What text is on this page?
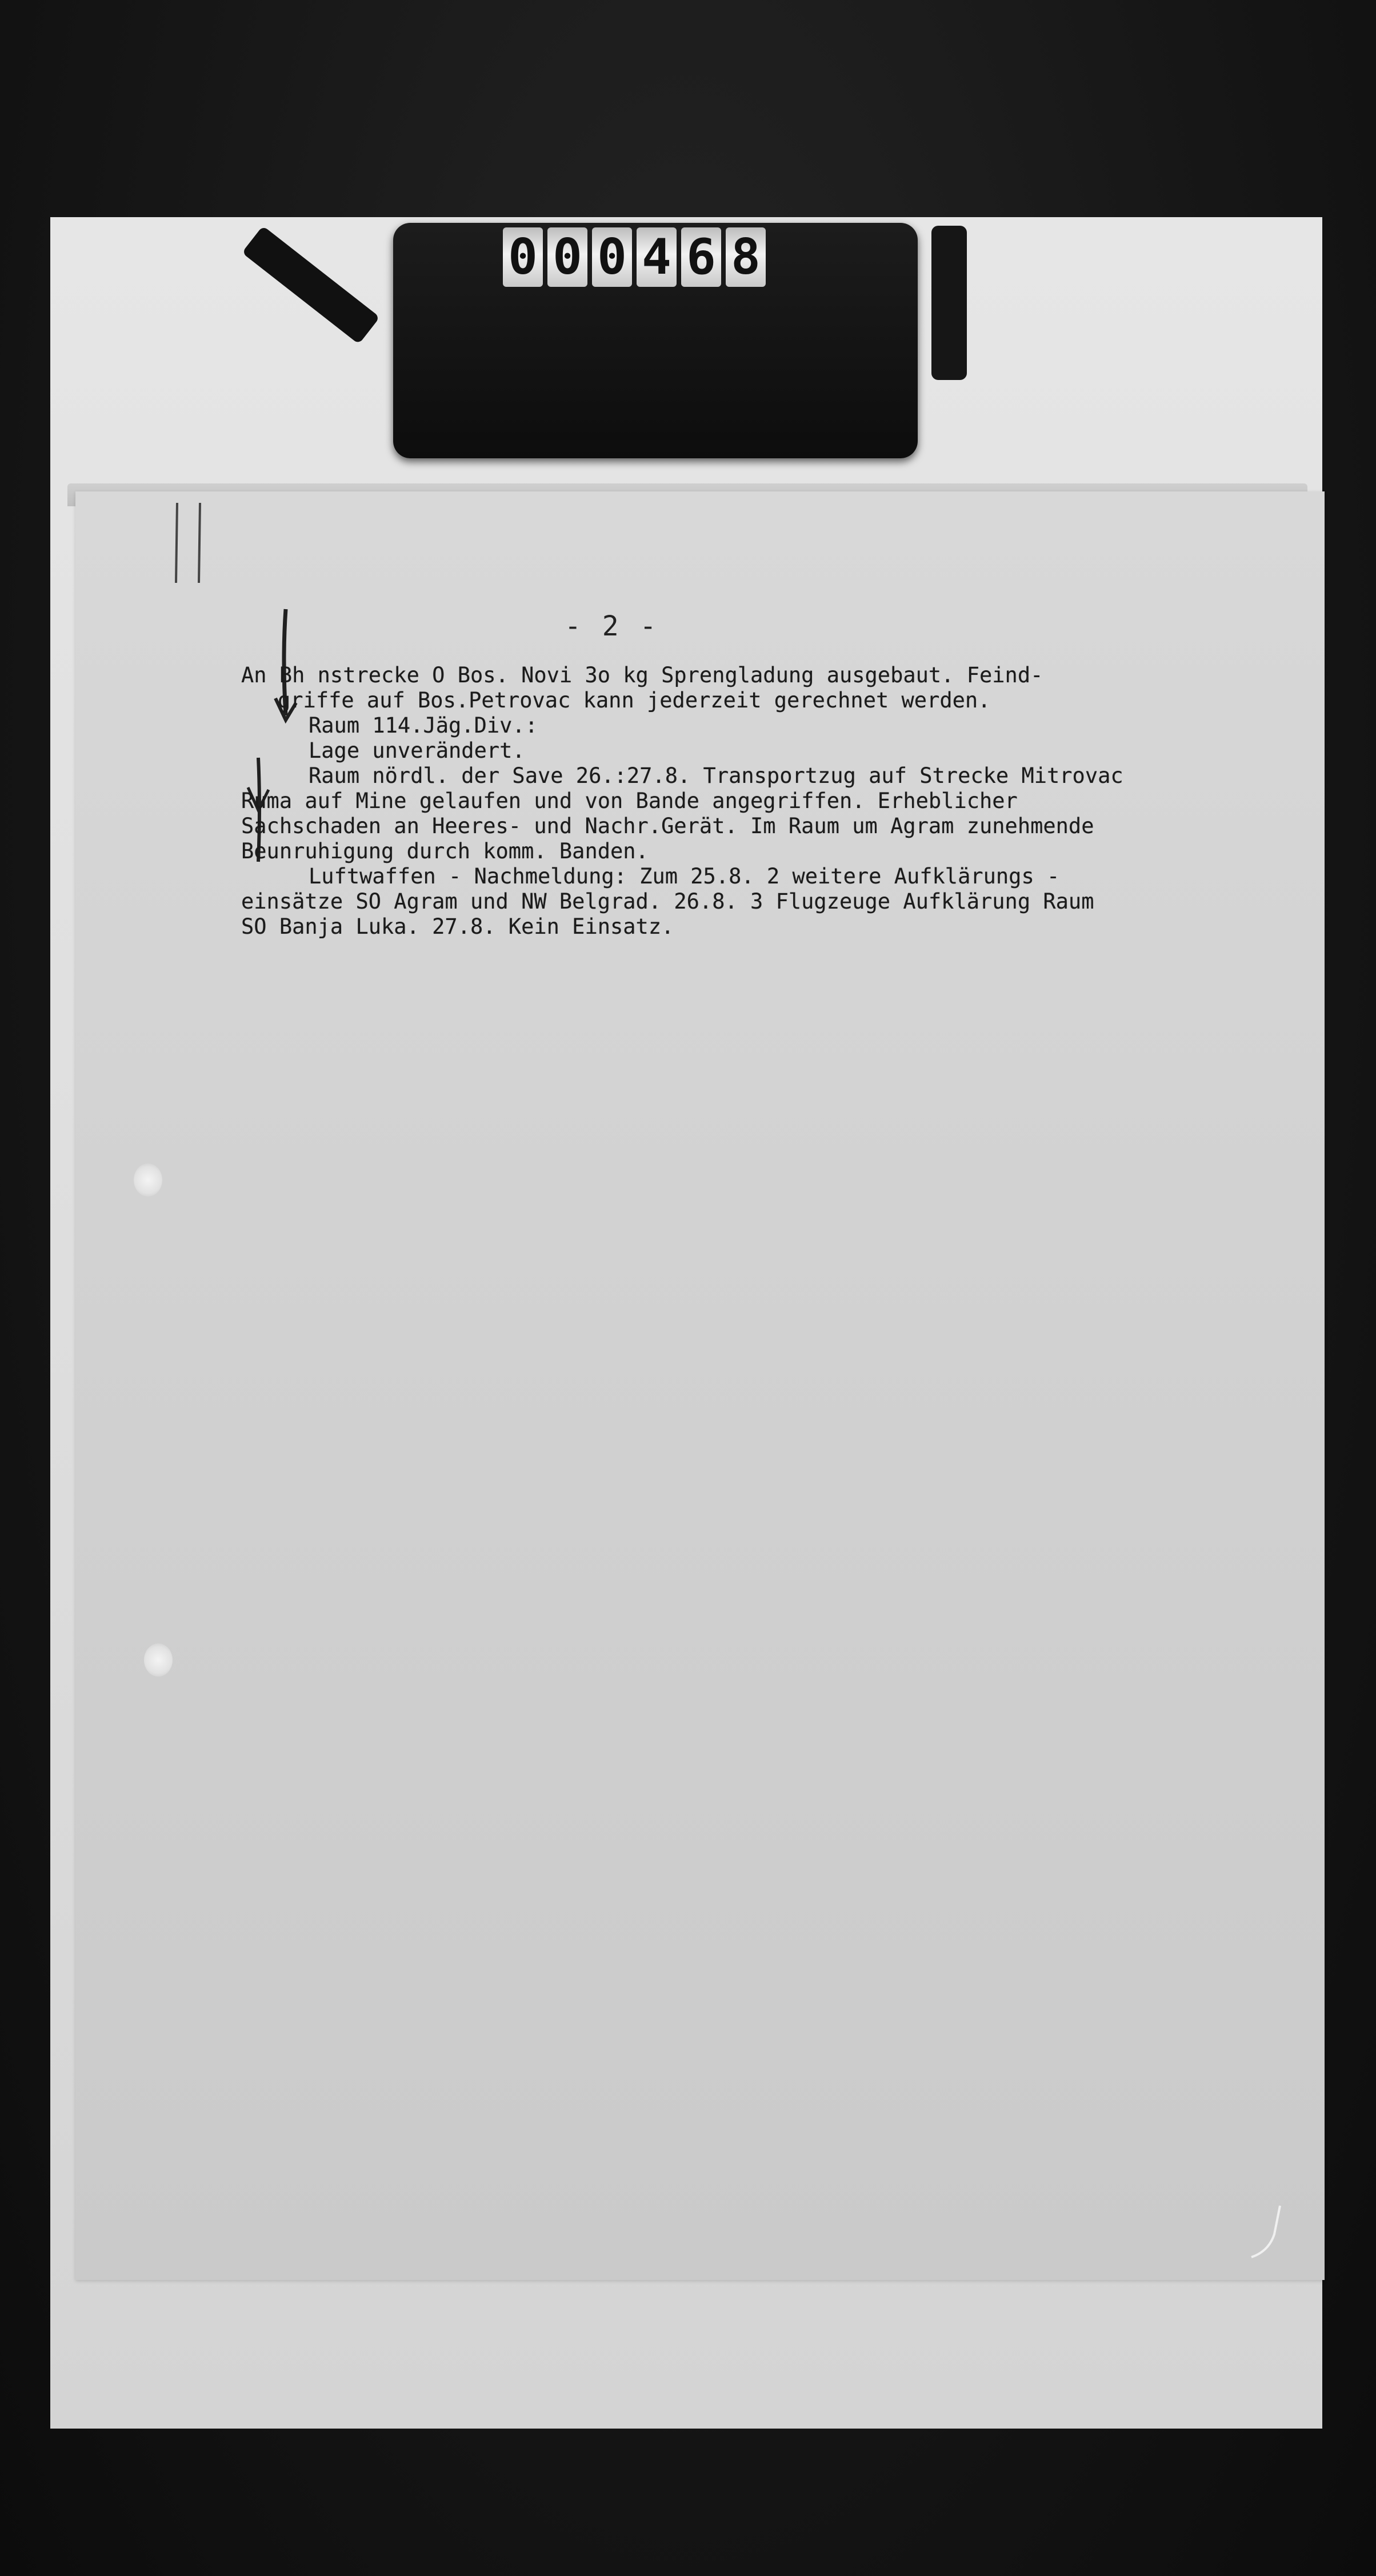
0 0 0 4 6 8
- 2 -
An Bh nstrecke O Bos. Novi 3o kg Sprengladung ausgebaut. Feind-
griffe auf Bos.Petrovac kann jederzeit gerechnet werden.
Raum 114.Jäg.Div.:
Lage unverändert.
Raum nördl. der Save 26.:27.8. Transportzug auf Strecke Mitrovac
Ruma auf Mine gelaufen und von Bande angegriffen. Erheblicher
Sachschaden an Heeres- und Nachr.Gerät. Im Raum um Agram zunehmende
Beunruhigung durch komm. Banden.
Luftwaffen - Nachmeldung: Zum 25.8. 2 weitere Aufklärungs -
einsätze SO Agram und NW Belgrad. 26.8. 3 Flugzeuge Aufklärung Raum
SO Banja Luka. 27.8. Kein Einsatz.
